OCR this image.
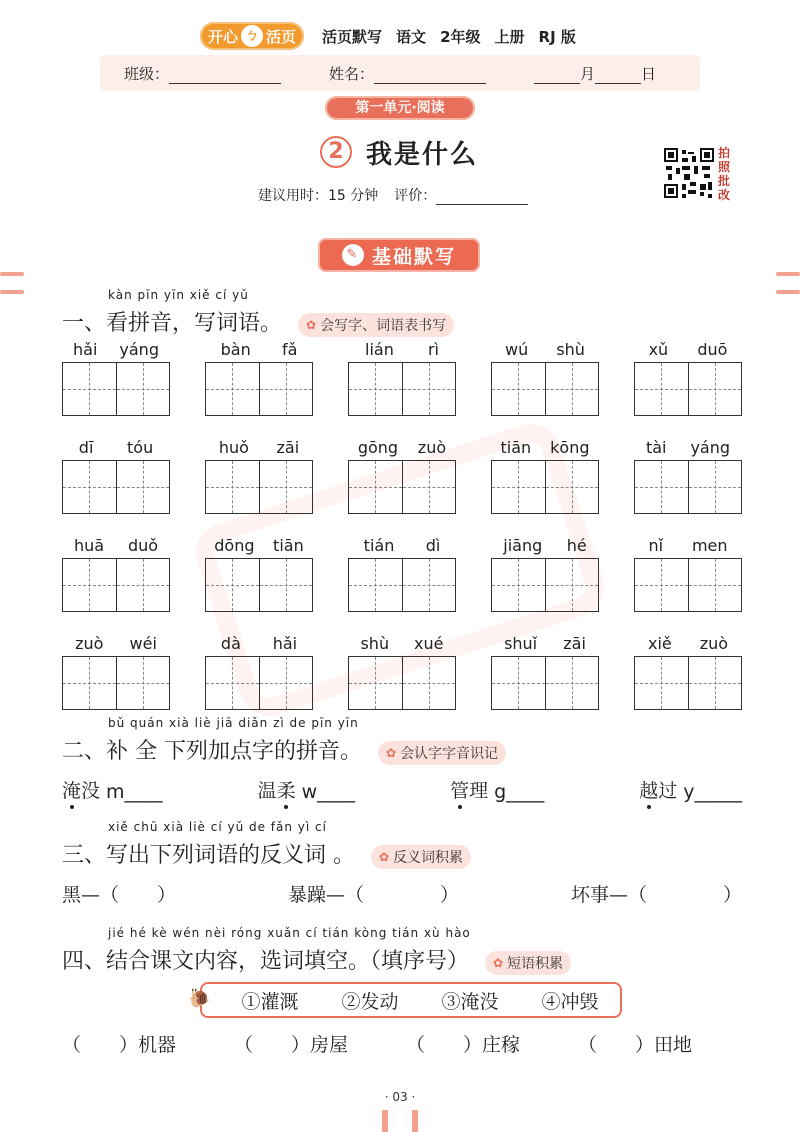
开心 ㄅ 活页 活页默写 语文 2年级 上册 RJ 版
班级：	姓名：	月	日
第一单元·阅读
2 我是什么
建议用时：15 分钟 评价：
拍照批改
✎ 基础默写
kàn pīn yīn xiě cí yǔ
一、看拼音，写词语。 ✿ 会写字、词语表书写
hǎi yáng	bàn fǎ	lián rì	wú shù	xǔ duō
dī tóu	huǒ zāi	gōng zuò	tiān kōng	tài yáng
huā duǒ	dōng tiān	tián dì	jiāng hé	nǐ men
zuò wéi	dà hǎi	shù xué	shuǐ zāi	xiě zuò
bǔ quán xià liè jiā diǎn zì de pīn yīn
二、补 全 下列加点字的拼音。 ✿ 会认字字音识记
淹 没 m____	温 柔 w____	管 理 g____	越 过 y_____
xiě chū xià liè cí yǔ de fǎn yì cí
三、写出下列词语的反义词 。 ✿ 反义词积累
黑—（　　）	暴躁—（　　　　）	坏事—（　　　　）
jié hé kè wén nèi róng xuǎn cí tián kòng tián xù hào
四、结合课文内容，选词填空。（填序号） ✿ 短语积累
🐌 ①灌溉 ②发动 ③淹没 ④冲毁
（　　）机器	（　　）房屋	（　　）庄稼	（　　）田地
· 03 ·
